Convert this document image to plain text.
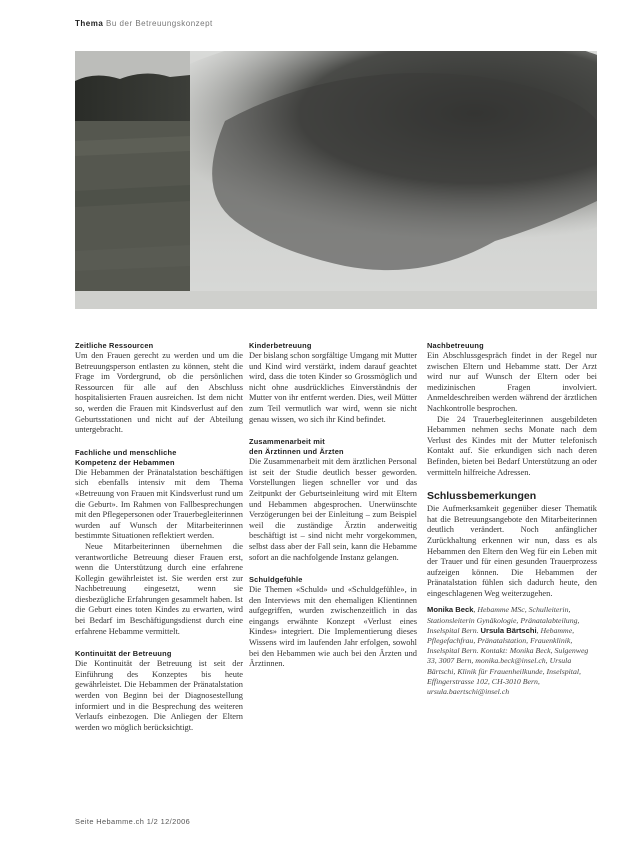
Thema Bu der Betreuungskonzept
Zeitliche Ressourcen

Um den Frauen gerecht zu werden und um die Betreuungsperson entlasten zu können, steht die Frage im Vordergrund, ob die persönlichen Ressourcen für alle auf den Abschluss hospitalisierten Frauen ausreichen. Ist dem nicht so, werden die Frauen mit Kindsverlust auf den Geburtsstationen und nicht auf der Abteilung untergebracht.

Fachliche und menschliche
Kompetenz der Hebammen

Die Hebammen der Pränatalstation beschäftigen sich ebenfalls intensiv mit dem Thema «Betreuung von Frauen mit Kindsverlust rund um die Geburt». Im Rahmen von Fallbesprechungen mit den Pflegepersonen oder Trauerbegleiterinnen wurden auf Wunsch der Mitarbeiterinnen bestimmte Situationen reflektiert werden.

Neue Mitarbeiterinnen übernehmen die verantwortliche Betreuung dieser Frauen erst, wenn die Unterstützung durch eine erfahrene Kollegin gewährleistet ist. Sie werden erst zur Nachbetreuung eingesetzt, wenn sie diesbezügliche Erfahrungen gesammelt haben. Ist die Geburt eines toten Kindes zu erwarten, wird bei Bedarf im Beschäftigungsdienst durch eine erfahrene Hebamme vermittelt.

Kontinuität der Betreuung

Die Kontinuität der Betreuung ist seit der Einführung des Konzeptes bis heute gewährleistet. Die Hebammen der Pränatalstation werden von Beginn bei der Diagnosestellung informiert und in die Besprechung des weiteren Verlaufs einbezogen. Die Anliegen der Eltern werden wo möglich berücksichtigt.

Kinderbetreuung

Der bislang schon sorgfältige Umgang mit Mutter und Kind wird verstärkt, indem darauf geachtet wird, dass die toten Kinder so Grossmöglich und nicht ohne ausdrückliches Einverständnis der Mutter von ihr entfernt werden. Dies, weil Mütter zum Teil vermutlich war wird, wenn sie nicht genau wissen, wo sich ihr Kind befindet.

Zusammenarbeit mit
den Ärztinnen und Ärzten

Die Zusammenarbeit mit dem ärztlichen Personal ist seit der Studie deutlich besser geworden. Vorstellungen liegen schneller vor und das Zeitpunkt der Geburtseinleitung wird mit Eltern und Hebammen abgesprochen. Unerwünschte Verzögerungen bei der Einleitung – zum Beispiel weil die zuständige Ärztin anderweitig beschäftigt ist – sind nicht mehr vorgekommen, selbst dass aber der Fall sein, kann die Hebamme sofort an die nachfolgende Instanz gelangen.

Schuldgefühle

Die Themen «Schuld» und «Schuldgefühle», in den Interviews mit den ehemaligen Klientinnen aufgegriffen, wurden zwischenzeitlich in das eingangs erwähnte Konzept «Verlust eines Kindes» integriert. Die Implementierung dieses Wissens wird im laufenden Jahr erfolgen, sowohl bei den Hebammen wie auch bei den Ärzten und Ärztinnen.

Nachbetreuung

Ein Abschlussgespräch findet in der Regel nur zwischen Eltern und Hebamme statt. Der Arzt wird nur auf Wunsch der Eltern oder bei medizinischen Fragen involviert. Anmeldeschreiben werden während der ärztlichen Nachkontrolle besprochen.

Die 24 Trauerbegleiterinnen ausgebildeten Hebammen nehmen sechs Monate nach dem Verlust des Kindes mit der Mutter telefonisch Kontakt auf. Sie erkundigen sich nach deren Befinden, bieten bei Bedarf Unterstützung an oder vermitteln hilfreiche Adressen.

Schlussbemerkungen

Die Aufmerksamkeit gegenüber dieser Thematik hat die Betreuungsangebote den Mitarbeiterinnen deutlich verändert. Noch anfänglicher Zurückhaltung erkennen wir nun, dass es als Hebammen den Eltern den Weg für ein Leben mit der Trauer und für einen gesunden Trauerprozess aufzeigen können. Die Hebammen der Pränatalstation fühlen sich dadurch heute, den eingeschlagenen Weg weiterzugehen.

Monika Beck, Hebamme MSc, Schulleiterin, Stationsleiterin Gynäkologie, Pränatalabteilung, Inselspital Bern. Ursula Bärtschi, Hebamme, Pflegefachfrau, Pränatalstation, Frauenklinik, Inselspital Bern. Kontakt: Monika Beck, Sulgenweg 33, 3007 Bern, monika.beck@insel.ch, Ursula Bärtschi, Klinik für Frauenheilkunde, Inselspital, Effingerstrasse 102, CH-3010 Bern, ursula.baertschi@insel.ch
Seite Hebamme.ch 1/2 12/2006
